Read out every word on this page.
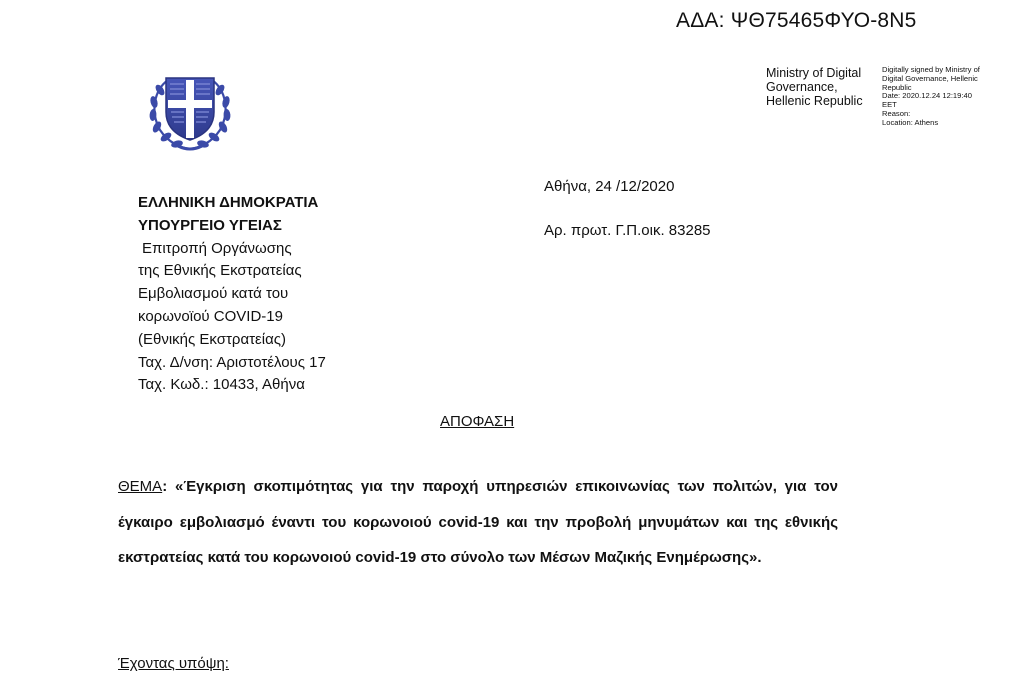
ΑΔΑ: ΨΘ75465ΦΥΟ-8Ν5
Ministry of Digital
Governance,
Hellenic Republic
Digitally signed by Ministry of
Digital Governance, Hellenic
Republic
Date: 2020.12.24 12:19:40
EET
Reason:
Location: Athens
ΕΛΛΗΝΙΚΗ ΔΗΜΟΚΡΑΤΙΑ
ΥΠΟΥΡΓΕΙΟ ΥΓΕΙΑΣ
Επιτροπή Οργάνωσης
της Εθνικής Εκστρατείας
Εμβολιασμού κατά του
κορωνοϊού COVID-19
(Εθνικής Εκστρατείας)
Ταχ. Δ/νση: Αριστοτέλους 17
Ταχ. Κωδ.: 10433, Αθήνα
Αθήνα, 24 /12/2020
Αρ. πρωτ. Γ.Π.οικ. 83285
ΑΠΟΦΑΣΗ
ΘΕΜΑ: «Έγκριση σκοπιμότητας για την παροχή υπηρεσιών επικοινωνίας των πολιτών, για τον έγκαιρο εμβολιασμό έναντι του κορωνοιού covid-19 και την προβολή μηνυμάτων και της εθνικής εκστρατείας κατά του κορωνοιού covid-19 στο σύνολο των Μέσων Μαζικής Ενημέρωσης».
Έχοντας υπόψη:
